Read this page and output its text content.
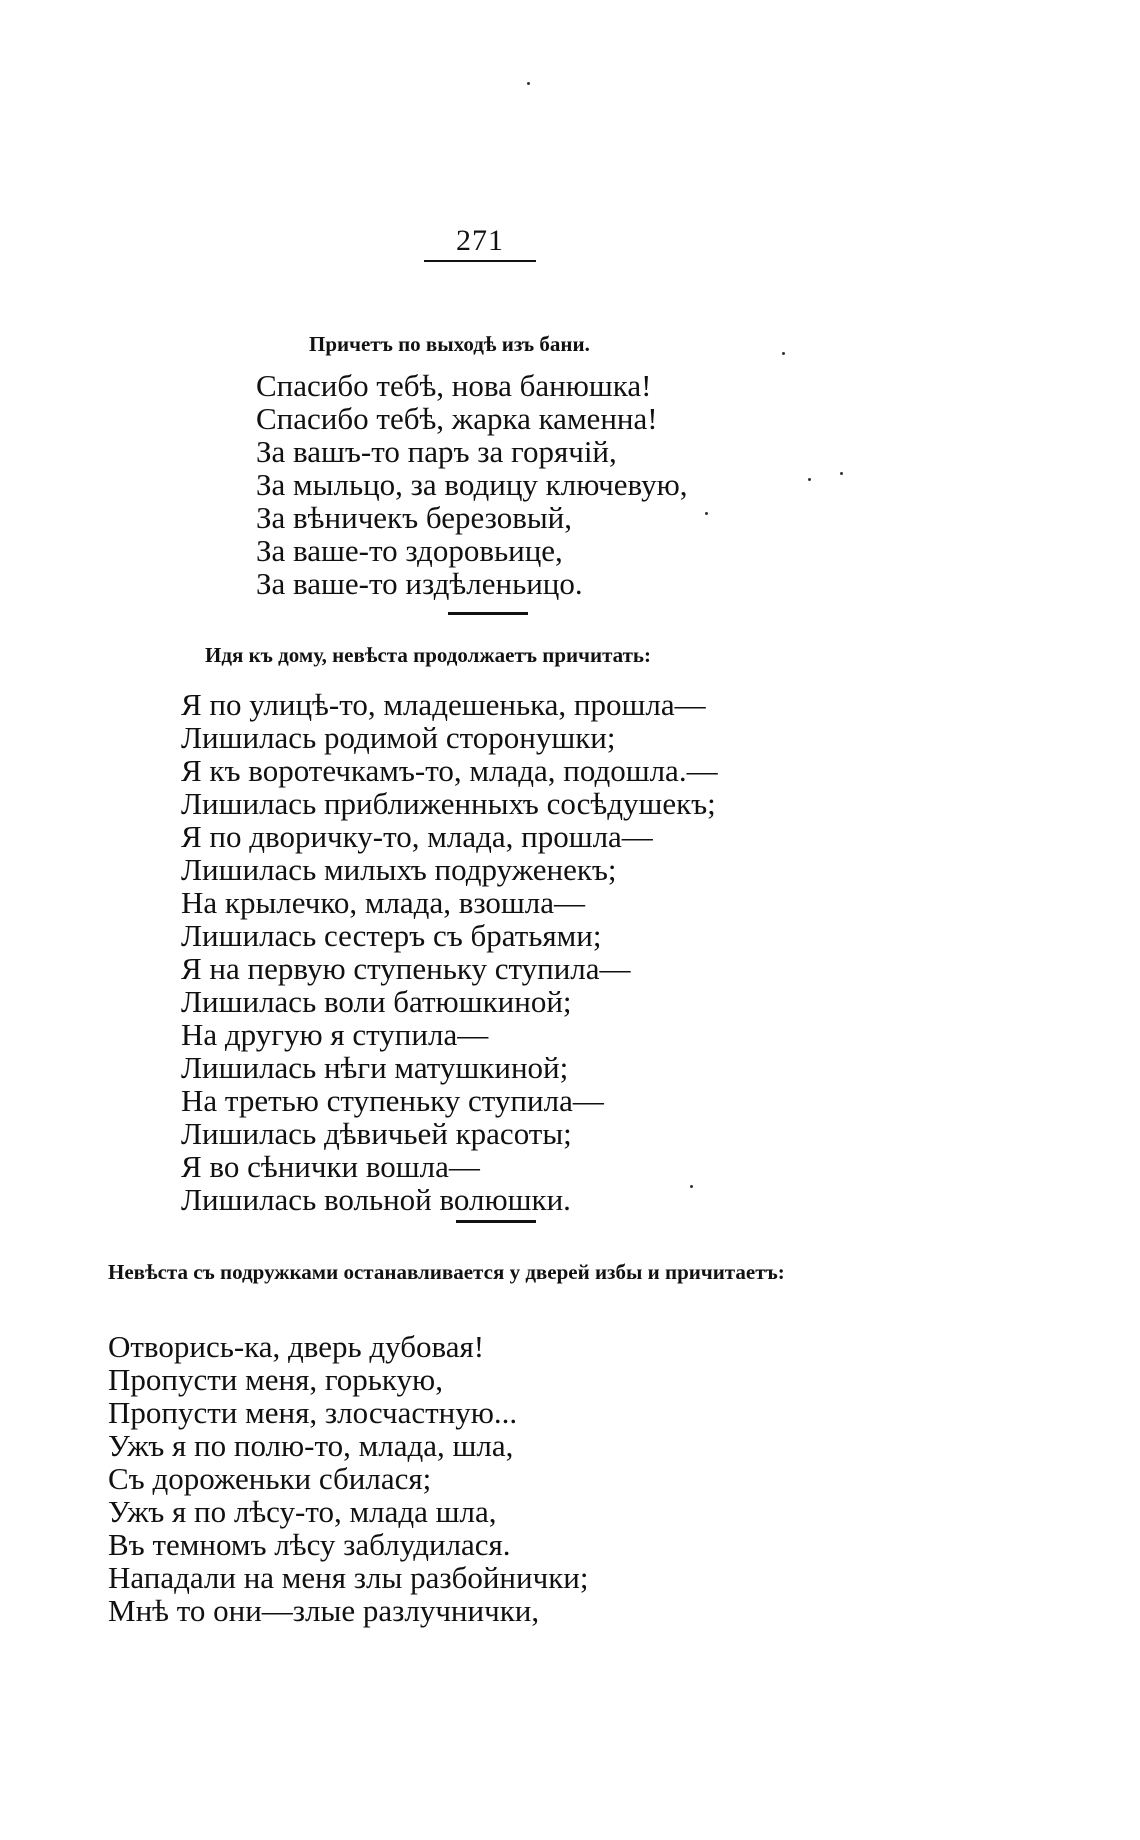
271
Причетъ по выходѣ изъ бани.
Спасибо тебѣ, нова банюшка!
Спасибо тебѣ, жарка каменна!
За вашъ-то паръ за горячій,
За мыльцо, за водицу ключевую,
За вѣничекъ березовый,
За ваше-то здоровьице,
За ваше-то издѣленьицо.
Идя къ дому, невѣста продолжаетъ причитать:
Я по улицѣ-то, младешенька, прошла—
Лишилась родимой сторонушки;
Я къ воротечкамъ-то, млада, подошла.—
Лишилась приближенныхъ сосѣдушекъ;
Я по дворичку-то, млада, прошла—
Лишилась милыхъ подруженекъ;
На крылечко, млада, взошла—
Лишилась сестеръ съ братьями;
Я на первую ступеньку ступила—
Лишилась воли батюшкиной;
На другую я ступила—
Лишилась нѣги матушкиной;
На третью ступеньку ступила—
Лишилась дѣвичьей красоты;
Я во сѣнички вошла—
Лишилась вольной волюшки.
Невѣста съ подружками останавливается у дверей избы и причитаетъ:
Отворись-ка, дверь дубовая!
Пропусти меня, горькую,
Пропусти меня, злосчастную...
Ужъ я по полю-то, млада, шла,
Съ дороженьки сбилася;
Ужъ я по лѣсу-то, млада шла,
Въ темномъ лѣсу заблудилася.
Нападали на меня злы разбойнички;
Мнѣ то они—злые разлучнички,
